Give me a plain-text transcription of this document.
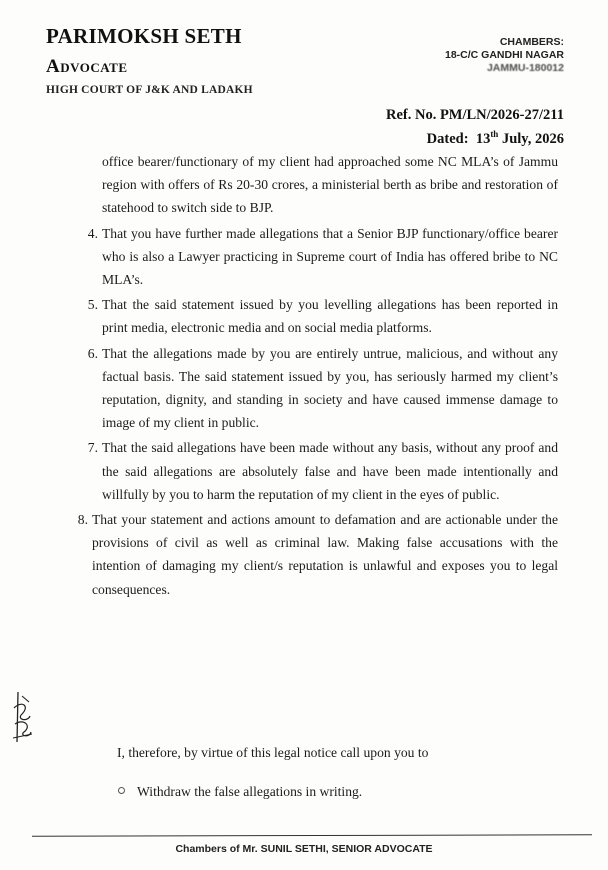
PARIMOKSH SETH
Advocate
HIGH COURT OF J&K AND LADAKH
CHAMBERS:
18-C/C GANDHI NAGAR
JAMMU-180012
Ref. No. PM/LN/2026-27/211
Dated: 13th July, 2026
office bearer/functionary of my client had approached some NC MLA’s of Jammu region with offers of Rs 20-30 crores, a ministerial berth as bribe and restoration of statehood to switch side to BJP.
4. That you have further made allegations that a Senior BJP functionary/office bearer who is also a Lawyer practicing in Supreme court of India has offered bribe to NC MLA’s.
5. That the said statement issued by you levelling allegations has been reported in print media, electronic media and on social media platforms.
6. That the allegations made by you are entirely untrue, malicious, and without any factual basis. The said statement issued by you, has seriously harmed my client’s reputation, dignity, and standing in society and have caused immense damage to image of my client in public.
7. That the said allegations have been made without any basis, without any proof and the said allegations are absolutely false and have been made intentionally and willfully by you to harm the reputation of my client in the eyes of public.
8. That your statement and actions amount to defamation and are actionable under the provisions of civil as well as criminal law. Making false accusations with the intention of damaging my client/s reputation is unlawful and exposes you to legal consequences.
I, therefore, by virtue of this legal notice call upon you to
Withdraw the false allegations in writing.
Chambers of Mr. SUNIL SETHI, SENIOR ADVOCATE
